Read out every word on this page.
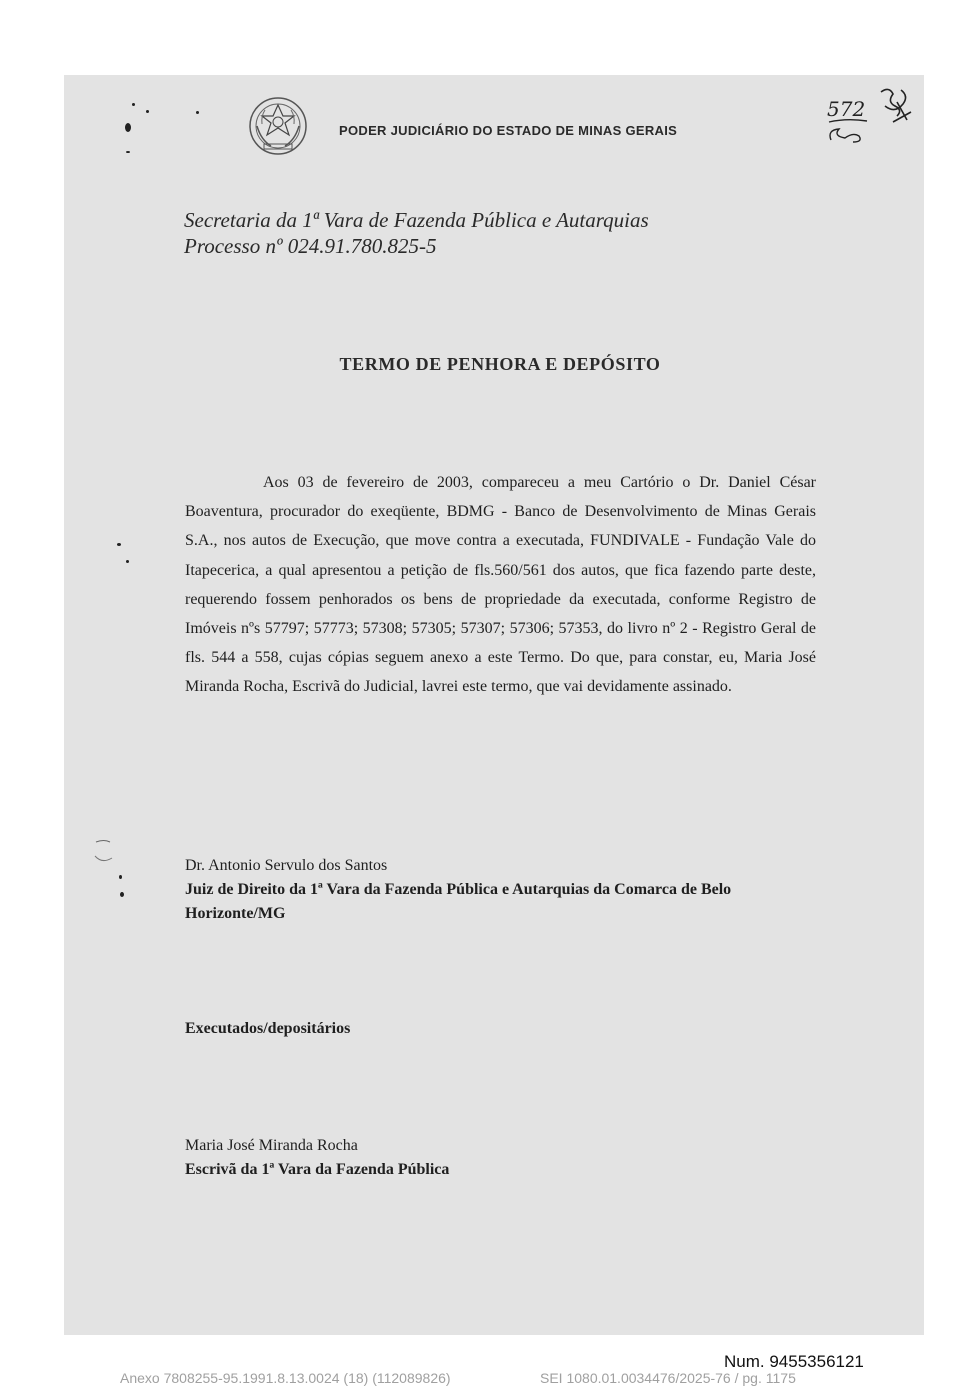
PODER JUDICIÁRIO DO ESTADO DE MINAS GERAIS
572
Secretaria da 1ª Vara de Fazenda Pública e Autarquias
Processo nº 024.91.780.825-5
TERMO DE PENHORA E DEPÓSITO
Aos 03 de fevereiro de 2003, compareceu a meu Cartório o Dr. Daniel César Boaventura, procurador do exeqüente, BDMG - Banco de Desenvolvimento de Minas Gerais S.A., nos autos de Execução, que move contra a executada, FUNDIVALE - Fundação Vale do Itapecerica, a qual apresentou a petição de fls.560/561 dos autos, que fica fazendo parte deste, requerendo fossem penhorados os bens de propriedade da executada, conforme Registro de Imóveis nºs 57797; 57773; 57308; 57305; 57307; 57306; 57353, do livro nº 2 - Registro Geral de fls. 544 a 558, cujas cópias seguem anexo a este Termo. Do que, para constar, eu, Maria José Miranda Rocha, Escrivã do Judicial, lavrei este termo, que vai devidamente assinado.
Dr. Antonio Servulo dos Santos
Juiz de Direito da 1ª Vara da Fazenda Pública e Autarquias da Comarca de Belo Horizonte/MG
Executados/depositários
Maria José Miranda Rocha
Escrivã da 1ª Vara da Fazenda Pública
Num. 9455356121
Anexo 7808255-95.1991.8.13.0024 (18) (112089826)	SEI 1080.01.0034476/2025-76 / pg. 1175
